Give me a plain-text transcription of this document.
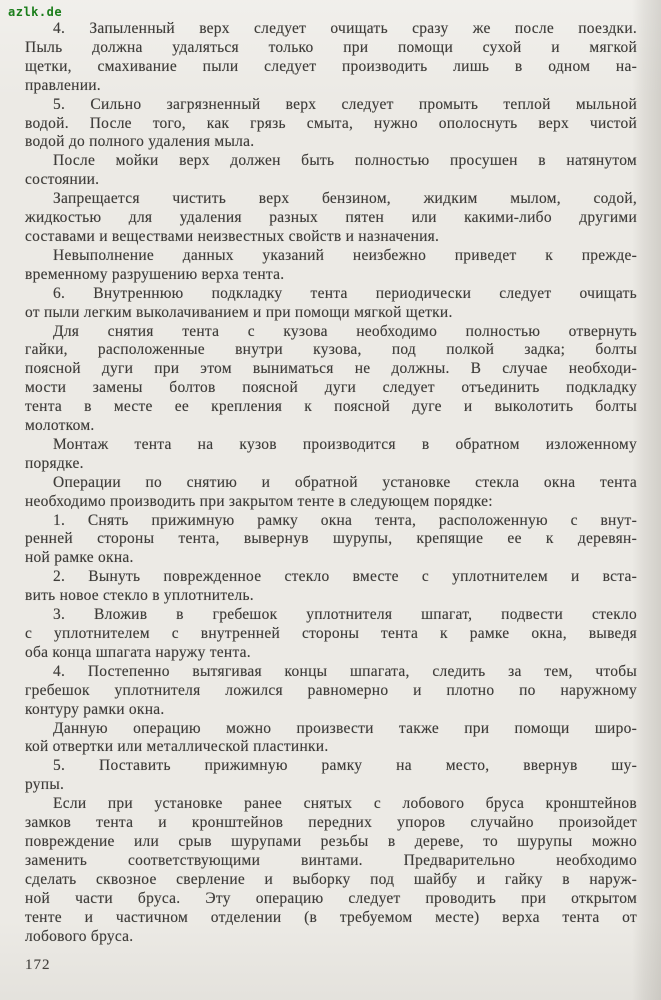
azlk.de
4. Запыленный верх следует очищать сразу же после поездки.
Пыль должна удаляться только при помощи сухой и мягкой
щетки, смахивание пыли следует производить лишь в одном на-
правлении.
5. Сильно загрязненный верх следует промыть теплой мыльной
водой. После того, как грязь смыта, нужно ополоснуть верх чистой
водой до полного удаления мыла.
После мойки верх должен быть полностью просушен в натянутом
состоянии.
Запрещается чистить верх бензином, жидким мылом, содой,
жидкостью для удаления разных пятен или какими-либо другими
составами и веществами неизвестных свойств и назначения.
Невыполнение данных указаний неизбежно приведет к прежде-
временному разрушению верха тента.
6. Внутреннюю подкладку тента периодически следует очищать
от пыли легким выколачиванием и при помощи мягкой щетки.
Для снятия тента с кузова необходимо полностью отвернуть
гайки, расположенные внутри кузова, под полкой задка; болты
поясной дуги при этом выниматься не должны. В случае необходи-
мости замены болтов поясной дуги следует отъединить подкладку
тента в месте ее крепления к поясной дуге и выколотить болты
молотком.
Монтаж тента на кузов производится в обратном изложенному
порядке.
Операции по снятию и обратной установке стекла окна тента
необходимо производить при закрытом тенте в следующем порядке:
1. Снять прижимную рамку окна тента, расположенную с внут-
ренней стороны тента, вывернув шурупы, крепящие ее к деревян-
ной рамке окна.
2. Вынуть поврежденное стекло вместе с уплотнителем и вста-
вить новое стекло в уплотнитель.
3. Вложив в гребешок уплотнителя шпагат, подвести стекло
с уплотнителем с внутренней стороны тента к рамке окна, выведя
оба конца шпагата наружу тента.
4. Постепенно вытягивая концы шпагата, следить за тем, чтобы
гребешок уплотнителя ложился равномерно и плотно по наружному
контуру рамки окна.
Данную операцию можно произвести также при помощи широ-
кой отвертки или металлической пластинки.
5. Поставить прижимную рамку на место, ввернув шу-
рупы.
Если при установке ранее снятых с лобового бруса кронштейнов
замков тента и кронштейнов передних упоров случайно произойдет
повреждение или срыв шурупами резьбы в дереве, то шурупы можно
заменить соответствующими винтами. Предварительно необходимо
сделать сквозное сверление и выборку под шайбу и гайку в наруж-
ной части бруса. Эту операцию следует проводить при открытом
тенте и частичном отделении (в требуемом месте) верха тента от
лобового бруса.
172
